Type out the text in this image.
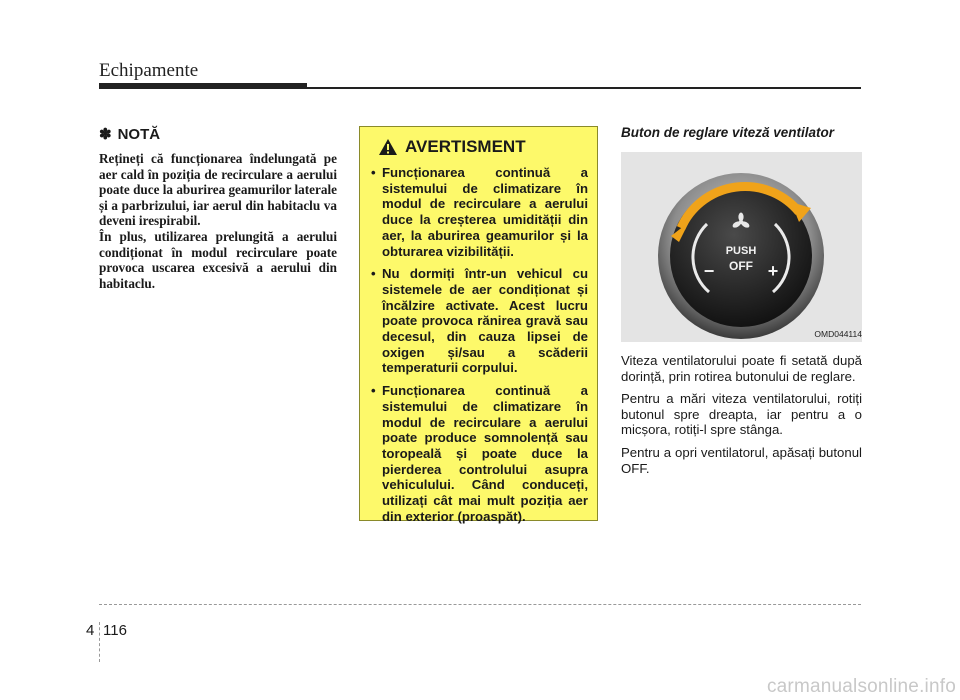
Echipamente
✽ NOTĂ

Rețineți că funcționarea îndelungată pe aer cald în poziția de recirculare a aerului poate duce la aburirea geamurilor laterale și a parbrizului, iar aerul din habitaclu va deveni irespirabil.

În plus, utilizarea prelungită a aerului condiționat în modul recirculare poate provoca uscarea excesivă a aerului din habitaclu.

AVERTISMENT
• Funcționarea continuă a sistemului de climatizare în modul de recirculare a aerului duce la creșterea umidității din aer, la aburirea geamurilor și la obturarea vizibilității.
• Nu dormiți într-un vehicul cu sistemele de aer condiționat și încălzire activate. Acest lucru poate provoca rănirea gravă sau decesul, din cauza lipsei de oxigen și/sau a scăderii temperaturii corpului.
• Funcționarea continuă a sistemului de climatizare în modul de recirculare a aerului poate produce somnolență sau toropeală și poate duce la pierderea controlului asupra vehiculului. Când conduceți, utilizați cât mai mult poziția aer din exterior (proaspăt).
Buton de reglare viteză ventilator
PUSH
OFF
−	+
OMD044114

Viteza ventilatorului poate fi setată după dorință, prin rotirea butonului de reglare.

Pentru a mări viteza ventilatorului, rotiți butonul spre dreapta, iar pentru a o micșora, rotiți-l spre stânga.

Pentru a opri ventilatorul, apăsați butonul OFF.

4 116
carmanualsonline.info
